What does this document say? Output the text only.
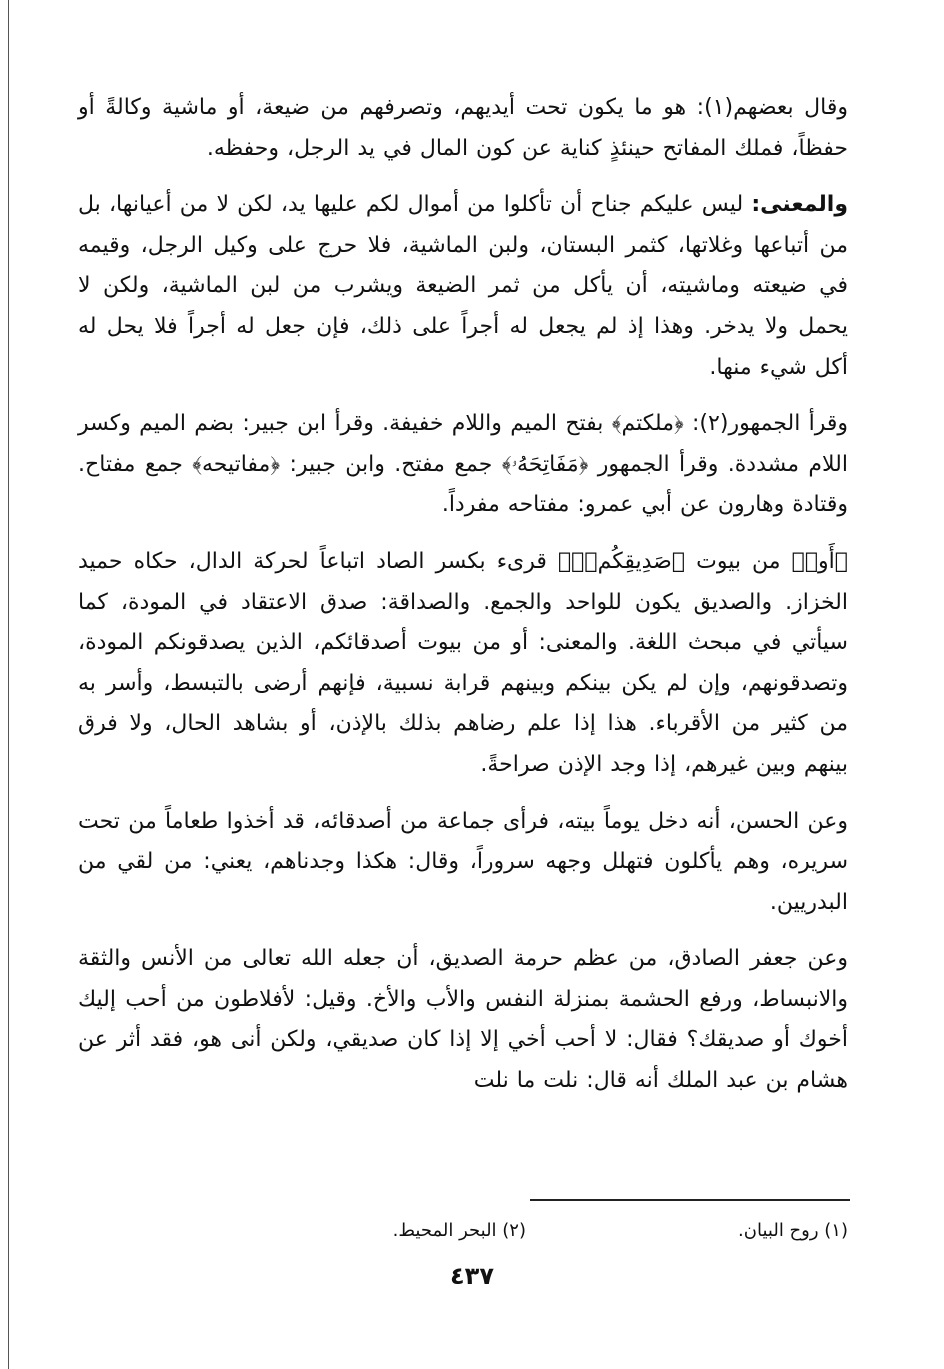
وقال بعضهم(١): هو ما يكون تحت أيديهم، وتصرفهم من ضيعة، أو ماشية وكالةً أو حفظاً، فملك المفاتح حينئذٍ كناية عن كون المال في يد الرجل، وحفظه.

والمعنى: ليس عليكم جناح أن تأكلوا من أموال لكم عليها يد، لكن لا من أعيانها، بل من أتباعها وغلاتها، كثمر البستان، ولبن الماشية، فلا حرج على وكيل الرجل، وقيمه في ضيعته وماشيته، أن يأكل من ثمر الضيعة ويشرب من لبن الماشية، ولكن لا يحمل ولا يدخر. وهذا إذ لم يجعل له أجراً على ذلك، فإن جعل له أجراً فلا يحل له أكل شيء منها.

وقرأ الجمهور(٢): ﴿ملكتم﴾ بفتح الميم واللام خفيفة. وقرأ ابن جبير: بضم الميم وكسر اللام مشددة. وقرأ الجمهور ﴿مَفَاتِحَهُۥ﴾ جمع مفتح. وابن جبير: ﴿مفاتيحه﴾ جمع مفتاح. وقتادة وهارون عن أبي عمرو: مفتاحه مفرداً.

﴿أَوۡ﴾ من بيوت ﴿صَدِيقِكُمۡۚ﴾ قرىء بكسر الصاد اتباعاً لحركة الدال، حكاه حميد الخزاز. والصديق يكون للواحد والجمع. والصداقة: صدق الاعتقاد في المودة، كما سيأتي في مبحث اللغة. والمعنى: أو من بيوت أصدقائكم، الذين يصدقونكم المودة، وتصدقونهم، وإن لم يكن بينكم وبينهم قرابة نسبية، فإنهم أرضى بالتبسط، وأسر به من كثير من الأقرباء. هذا إذا علم رضاهم بذلك بالإذن، أو بشاهد الحال، ولا فرق بينهم وبين غيرهم، إذا وجد الإذن صراحةً.

وعن الحسن، أنه دخل يوماً بيته، فرأى جماعة من أصدقائه، قد أخذوا طعاماً من تحت سريره، وهم يأكلون فتهلل وجهه سروراً، وقال: هكذا وجدناهم، يعني: من لقي من البدريين.

وعن جعفر الصادق، من عظم حرمة الصديق، أن جعله الله تعالى من الأنس والثقة والانبساط، ورفع الحشمة بمنزلة النفس والأب والأخ. وقيل: لأفلاطون من أحب إليك أخوك أو صديقك؟ فقال: لا أحب أخي إلا إذا كان صديقي، ولكن أنى هو، فقد أثر عن هشام بن عبد الملك أنه قال: نلت ما نلت

(١) روح البيان.
(٢) البحر المحيط.
٤٣٧
